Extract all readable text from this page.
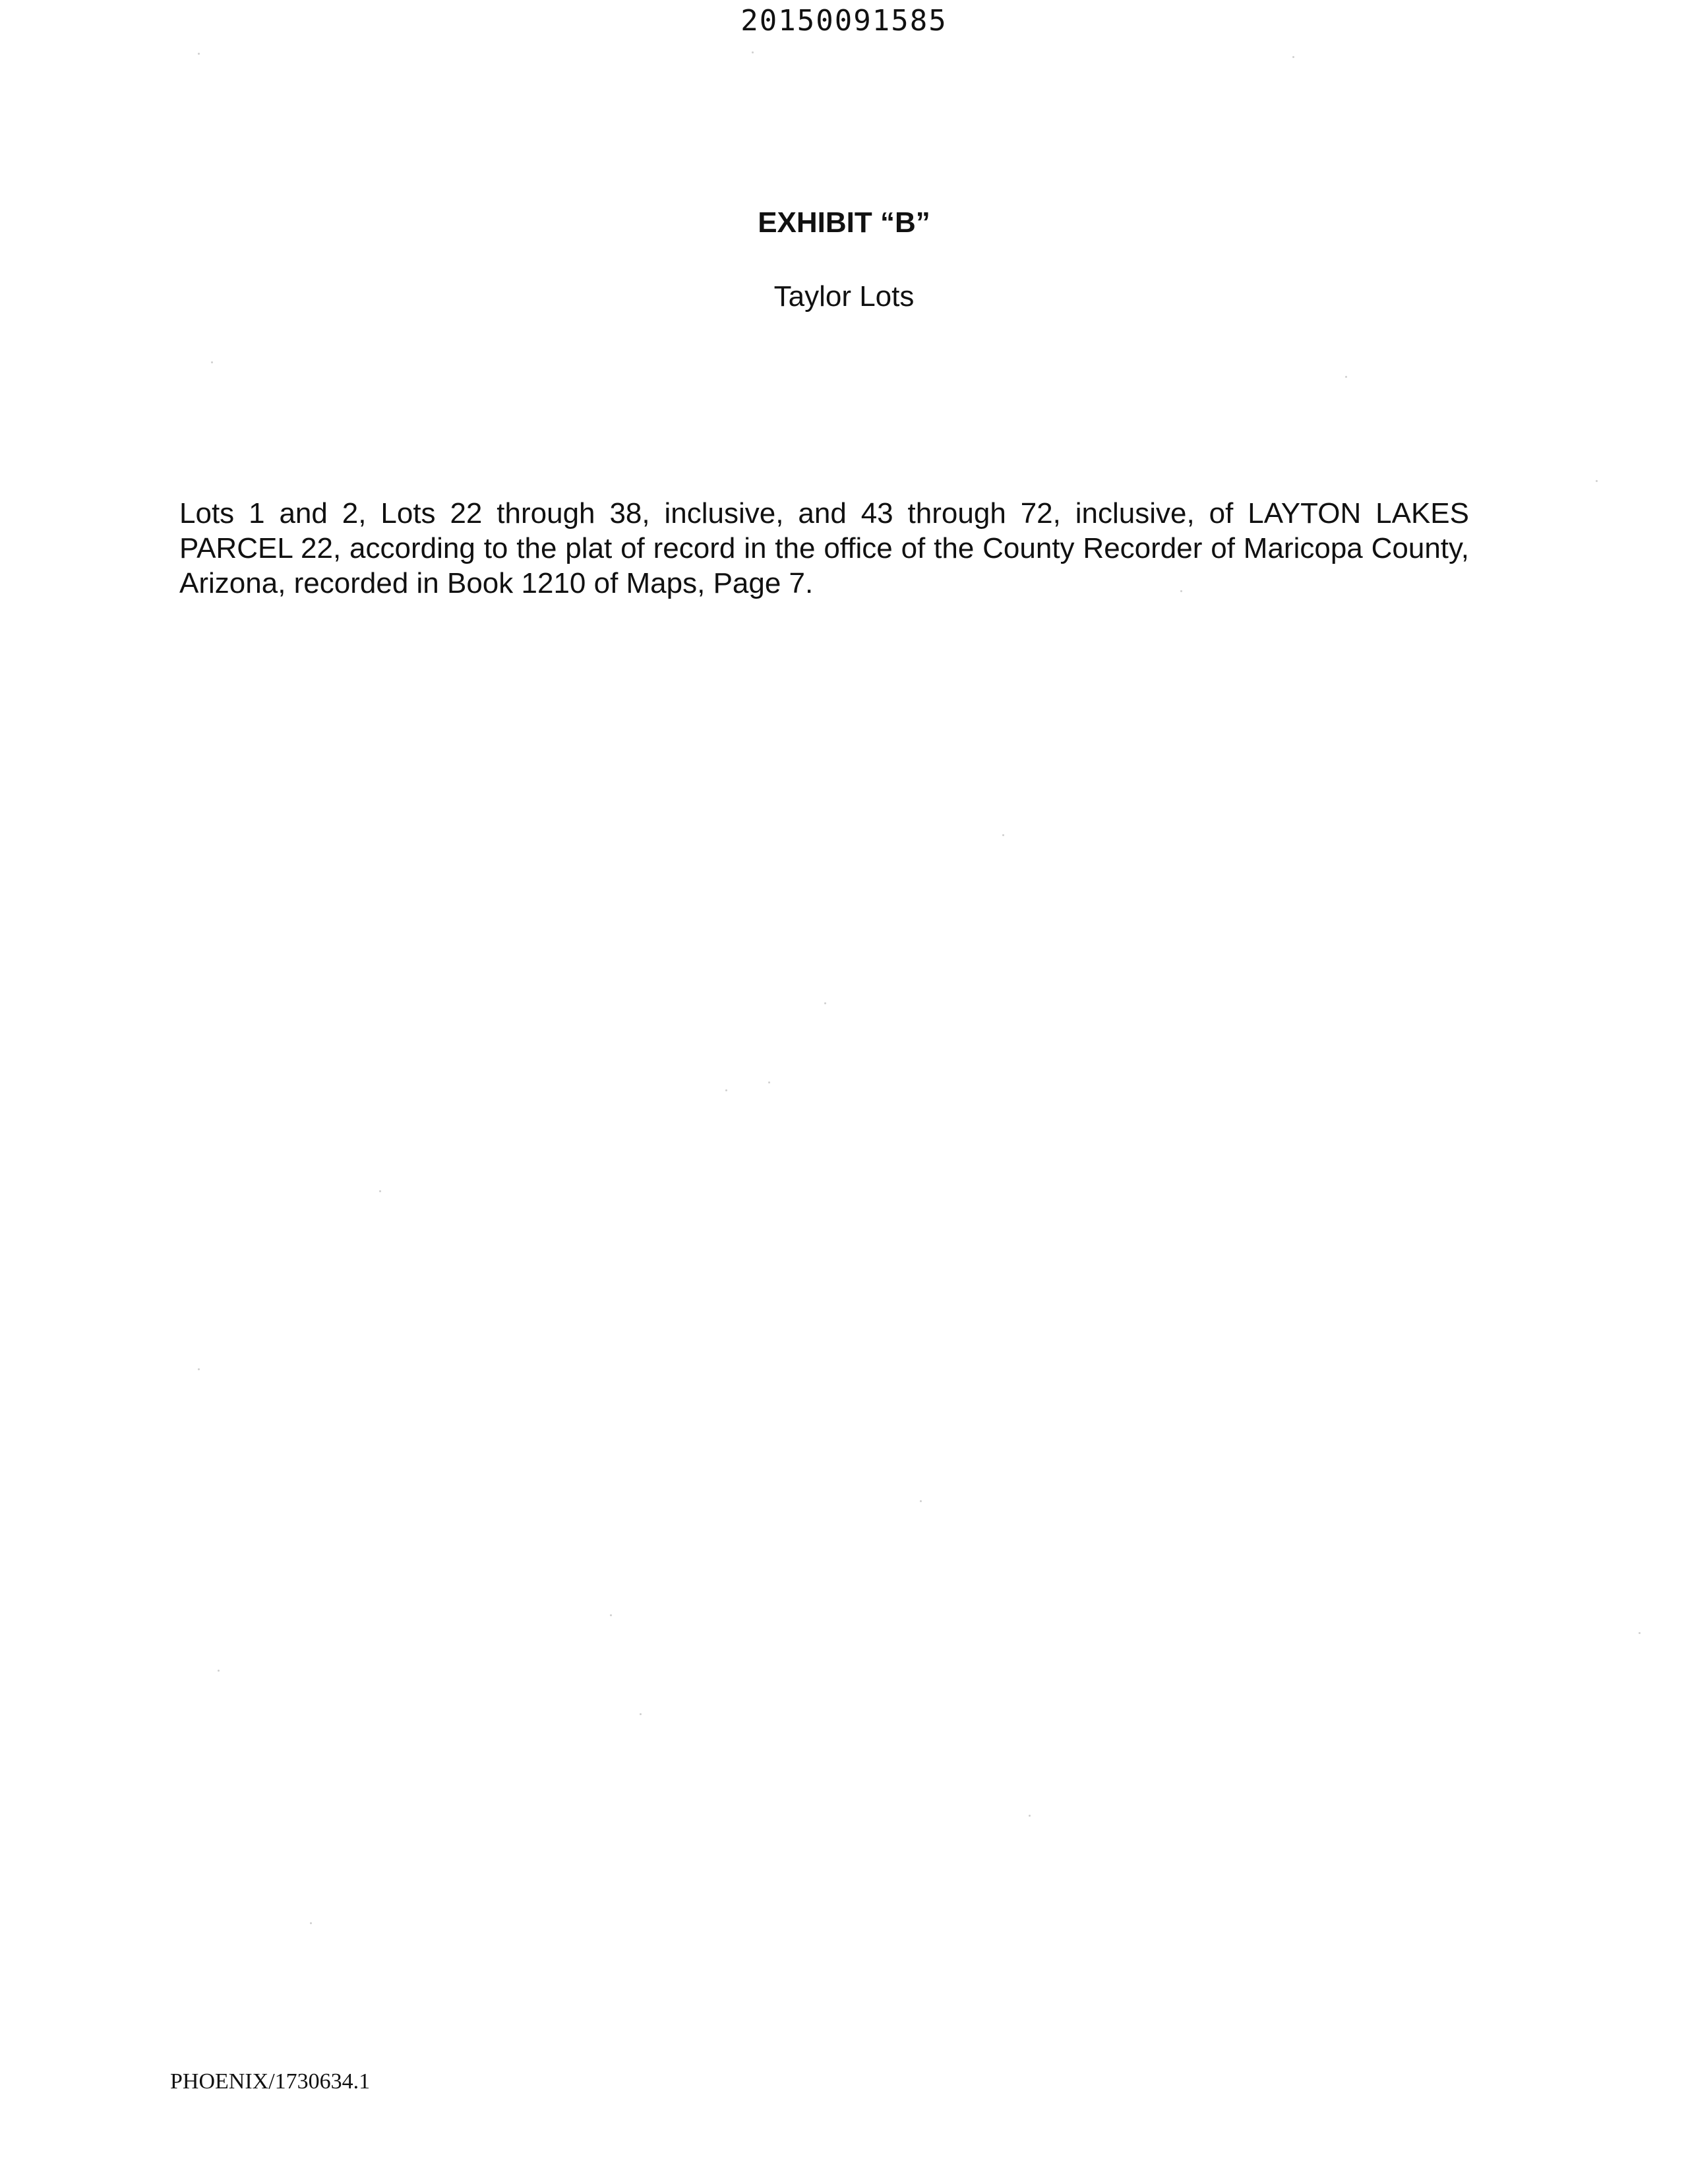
20150091585
EXHIBIT “B”
Taylor Lots

Lots 1 and 2, Lots 22 through 38, inclusive, and 43 through 72, inclusive, of LAYTON LAKES PARCEL 22, according to the plat of record in the office of the County Recorder of Maricopa County, Arizona, recorded in Book 1210 of Maps, Page 7.

PHOENIX/1730634.1
